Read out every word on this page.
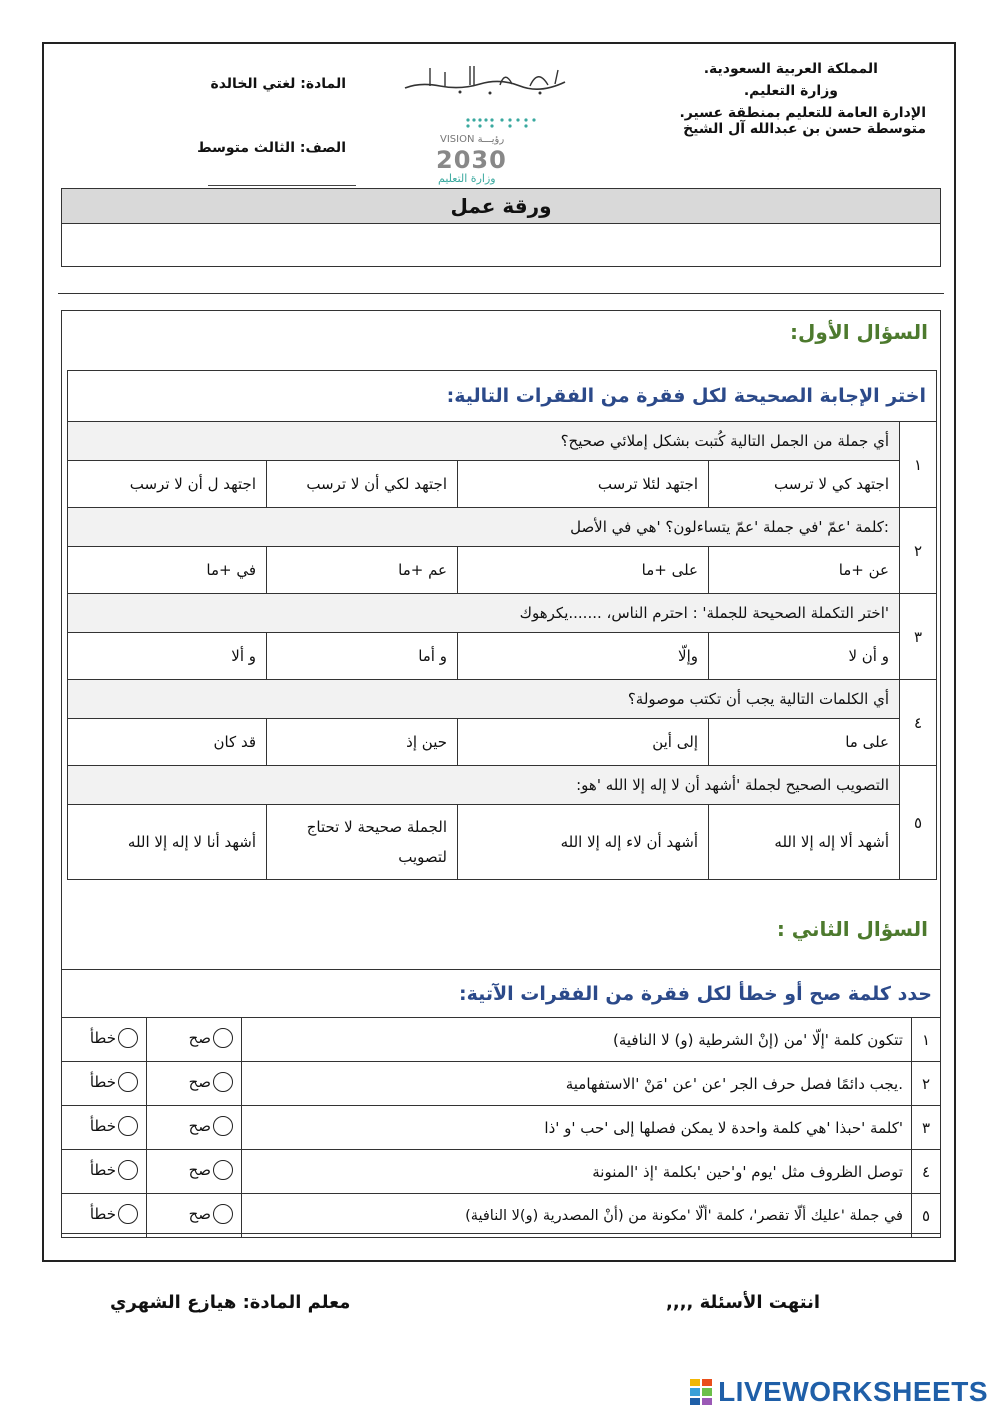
المملكة العربية السعودية.
وزارة التعليم.
الإدارة العامة للتعليم بمنطقة عسير.
متوسطة حسن بن عبدالله آل الشيخ
المادة: لغتي الخالدة
الصف: الثالث متوسط
VISION رؤيـــة
2030
وزارة التعليم
ورقة عمل
السؤال الأول:
اختر الإجابة الصحيحة لكل فقرة من الفقرات التالية:				
١	أي جملة من الجمل التالية كُتبت بشكل إملائي صحيح؟			
	اجتهد كي لا ترسب	اجتهد لئلا ترسب	اجتهد لكي أن لا ترسب	اجتهد ل أن لا ترسب
٢	:كلمة 'عمّ 'في جملة 'عمّ يتساءلون؟ 'هي في الأصل			
	عن +ما	على +ما	عم +ما	في +ما
٣	'اختر التكملة الصحيحة للجملة' : احترم الناس، .......يكرهوك			
	و أن لا	وإلّا	و أما	و ألا
٤	أي الكلمات التالية يجب أن تكتب موصولة؟			
	على ما	إلى أين	حين إذ	قد كان
٥	التصويب الصحيح لجملة 'أشهد أن لا إله إلا الله 'هو:			
	أشهد ألا إله إلا الله	أشهد أن لاء إله إلا الله	الجملة صحيحة لا تحتاج لتصويب	أشهد أنا لا إله إلا الله
السؤال الثاني :
حدد كلمة صح أو خطأ لكل فقرة من الفقرات الآتية:			
١	تتكون كلمة 'إلّا 'من (إنْ الشرطية (و) لا النافية)	صح	خطأ

٢	.يجب دائمًا فصل حرف الجر 'عن 'عن 'مَنْ 'الاستفهامية	صح	خطأ

٣	'كلمة 'حبذا 'هي كلمة واحدة لا يمكن فصلها إلى 'حب 'و 'ذا	صح	خطأ

٤	توصل الظروف مثل 'يوم 'و'حين 'بكلمة 'إذ 'المنونة	صح	خطأ

٥	في جملة 'عليك ألّا تقصر'، كلمة 'ألّا 'مكونة من (أنْ المصدرية (و)لا النافية)	صح	خطأ
انتهت الأسئلة ,,,,
معلم المادة: هيازع الشهري
LIVEWORKSHEETS
